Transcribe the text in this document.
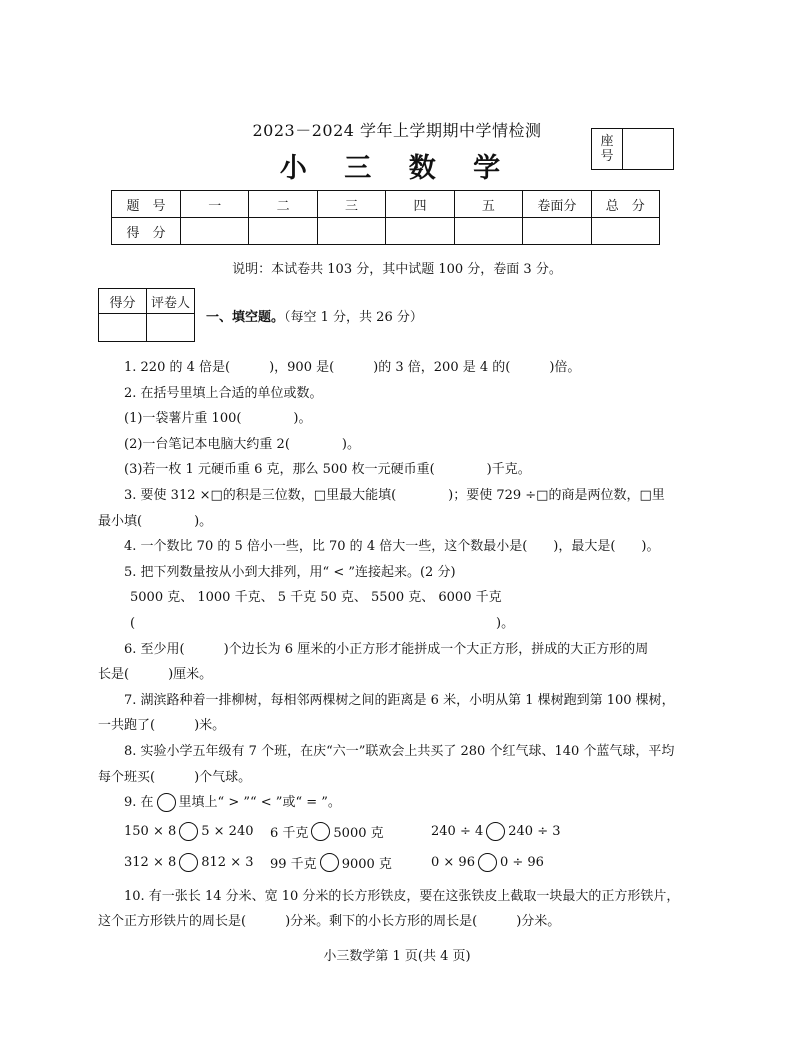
2023－2024 学年上学期期中学情检测
小 三 数 学
座
号
题　号	一	二	三	四	五	卷面分	总　分
得　分							
说明：本试卷共 103 分，其中试题 100 分，卷面 3 分。
得分	评卷人

一、填空题。（每空 1 分，共 26 分）
1. 220 的 4 倍是(　　　)，900 是(　　　)的 3 倍，200 是 4 的(　　　)倍。
2. 在括号里填上合适的单位或数。
(1)一袋薯片重 100(　　　　)。
(2)一台笔记本电脑大约重 2(　　　　)。
(3)若一枚 1 元硬币重 6 克，那么 500 枚一元硬币重(　　　　)千克。
3. 要使 312 ×□的积是三位数，□里最大能填(　　　　)；要使 729 ÷□的商是两位数，□里
最小填(　　　　)。
4. 一个数比 70 的 5 倍小一些，比 70 的 4 倍大一些，这个数最小是(　　)，最大是(　　)。
5. 把下列数量按从小到大排列，用“ < ”连接起来。(2 分)
5000 克、 1000 千克、 5 千克 50 克、 5500 克、 6000 千克
(	)。
6. 至少用(　　　)个边长为 6 厘米的小正方形才能拼成一个大正方形，拼成的大正方形的周
长是(　　　)厘米。
7. 湖滨路种着一排柳树，每相邻两棵树之间的距离是 6 米，小明从第 1 棵树跑到第 100 棵树，
一共跑了(　　　)米。
8. 实验小学五年级有 7 个班，在庆“六一”联欢会上共买了 280 个红气球、140 个蓝气球，平均
每个班买(　　　)个气球。
9. 在 里填上“ > ”“ < ”或“ = ”。
150 × 8 5 × 240 6 千克 5000 克	240 ÷ 4 240 ÷ 3
312 × 8 812 × 3 99 千克 9000 克	0 × 96 0 ÷ 96
10. 有一张长 14 分米、宽 10 分米的长方形铁皮，要在这张铁皮上截取一块最大的正方形铁片，
这个正方形铁片的周长是(　　　)分米。剩下的小长方形的周长是(　　　)分米。
小三数学第 1 页(共 4 页)
